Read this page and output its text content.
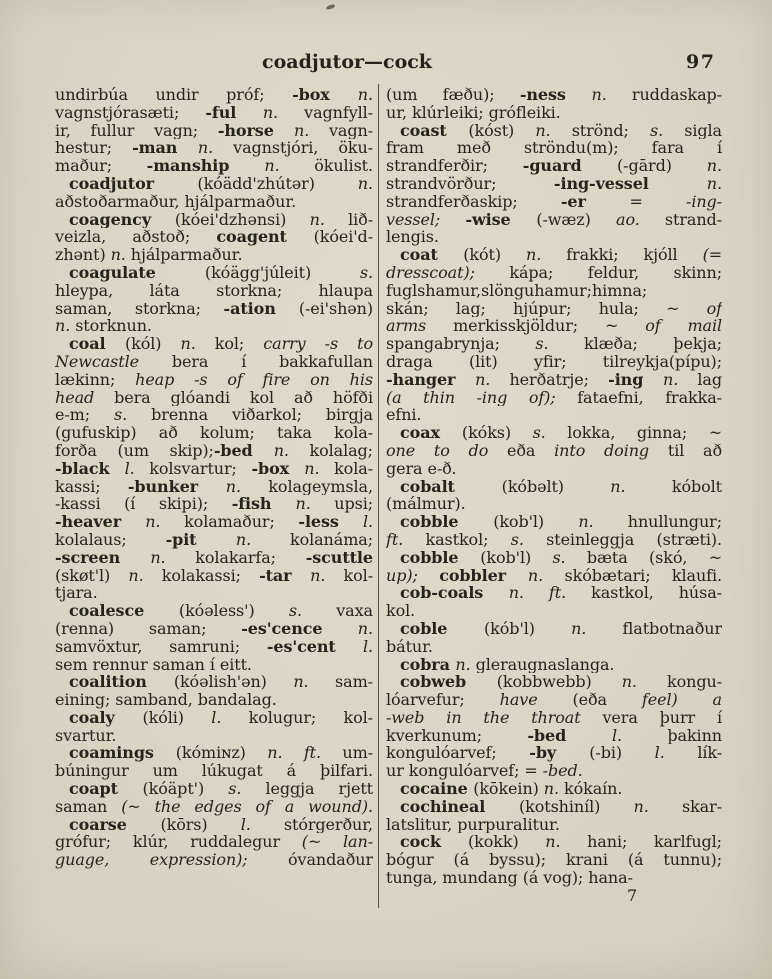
coadjutor—cock	97
undirbúa undir próf; -box n.
vagnstjórasæti; -ful n. vagnfyll-
ir, fullur vagn; -horse n. vagn-
hestur; -man n. vagnstjóri, öku-
maður; -manship n. ökulist.
coadjutor (kóädd'zhútər) n.
aðstoðarmaður, hjálparmaður.
coagency (kóei'dzhənsi) n. lið-
veizla, aðstoð; coagent (kóei'd-
zhənt) n. hjálparmaður.
coagulate (kóägg'júleit) s.
hleypa, láta storkna; hlaupa
saman, storkna; -ation (-ei'shən)
n. storknun.
coal (kól) n. kol; carry -s to
Newcastle bera í bakkafullan
lækinn; heap -s of fire on his
head bera glóandi kol að höfði
e-m; s. brenna viðarkol; birgja
(gufuskip) að kolum; taka kola-
forða (um skip);-bed n. kolalag;
-black l. kolsvartur; -box n. kola-
kassi; -bunker n. kolageymsla,
-kassi (í skipi); -fish n. upsi;
-heaver n. kolamaður; -less l.
kolalaus; -pit n. kolanáma;
-screen n. kolakarfa; -scuttle
(skøt'l) n. kolakassi; -tar n. kol-
tjara.
coalesce (kóəless') s. vaxa
(renna) saman; -es'cence n.
samvöxtur, samruni; -es'cent l.
sem rennur saman í eitt.
coalition (kóəlish'ən) n. sam-
eining; samband, bandalag.
coaly (kóli) l. kolugur; kol-
svartur.
coamings (kómiɴz) n. ft. um-
búningur um lúkugat á þilfari.
coapt (kóäpt') s. leggja rjett
saman (~ the edges of a wound).
coarse (kōrs) l. stórgerður,
grófur; klúr, ruddalegur (~ lan-
guage, expression); óvandaður
(um fæðu); -ness n. ruddaskap-
ur, klúrleiki; grófleiki.
coast (kóst) n. strönd; s. sigla
fram með ströndu(m); fara í
strandferðir; -guard (-gārd) n.
strandvörður; -ing-vessel n.
strandferðaskip; -er = -ing-
vessel; -wise (-wæz) ao. strand-
lengis.
coat (kót) n. frakki; kjóll (=
dresscoat); kápa; feldur, skinn;
fuglshamur,slönguhamur;himna;
skán; lag; hjúpur; hula; ~ of
arms merkisskjöldur; ~ of mail
spangabrynja; s. klæða; þekja;
draga (lit) yfir; tilreykja(pípu);
-hanger n. herðatrje; -ing n. lag
(a thin -ing of); fataefni, frakka-
efni.
coax (kóks) s. lokka, ginna; ~
one to do eða into doing til að
gera e-ð.
cobalt (kóbəlt) n. kóbolt
(málmur).
cobble (kob'l) n. hnullungur;
ft. kastkol; s. steinleggja (stræti).
cobble (kob'l) s. bæta (skó, ~
up); cobbler n. skóbætari; klaufi.
cob-coals n. ft. kastkol, húsa-
kol.
coble (kób'l) n. flatbotnaður
bátur.
cobra n. gleraugnaslanga.
cobweb (kobbwebb) n. kongu-
lóarvefur; have (eða feel) a
-web in the throat vera þurr í
kverkunum; -bed l. þakinn
kongulóarvef; -by (-bi) l. lík-
ur kongulóarvef; = -bed.
cocaine (kōkein) n. kókaín.
cochineal (kotshiníl) n. skar-
latslitur, purpuralitur.
cock (kokk) n. hani; karlfugl;
bógur (á byssu); krani (á tunnu);
tunga, mundang (á vog); hana-
7
